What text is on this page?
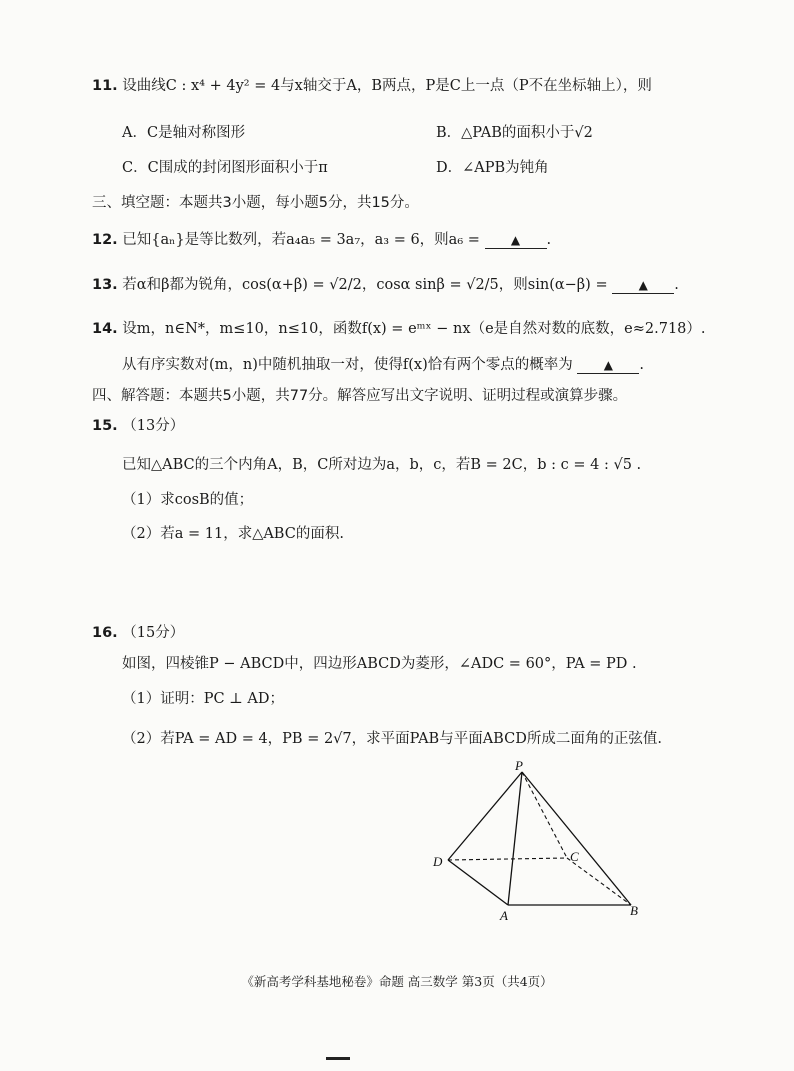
11. 设曲线C : x⁴ + 4y² = 4与x轴交于A，B两点，P是C上一点（P不在坐标轴上），则
A．C是轴对称图形	B．△PAB的面积小于√2
C．C围成的封闭图形面积小于π	D．∠APB为钝角
三、填空题：本题共3小题，每小题5分，共15分。
12. 已知{aₙ}是等比数列，若a₄a₅ = 3a₇，a₃ = 6，则a₆ =	▲ .
13. 若α和β都为锐角，cos(α+β) = √2/2，cosα sinβ = √2/5，则sin(α−β) =	▲ .
14. 设m，n∈N*，m≤10，n≤10，函数f(x) = eᵐˣ − nx（e是自然对数的底数，e≈2.718）.
从有序实数对(m，n)中随机抽取一对，使得f(x)恰有两个零点的概率为	▲ .
四、解答题：本题共5小题，共77分。解答应写出文字说明、证明过程或演算步骤。
15. （13分）
已知△ABC的三个内角A，B，C所对边为a，b，c，若B = 2C，b : c = 4 : √5 .
（1）求cosB的值；
（2）若a = 11，求△ABC的面积.
16. （15分）
如图，四棱锥P − ABCD中，四边形ABCD为菱形，∠ADC = 60°，PA = PD .
（1）证明：PC ⊥ AD；
（2）若PA = AD = 4，PB = 2√7，求平面PAB与平面ABCD所成二面角的正弦值.
P
D	C
A	B
《新高考学科基地秘卷》命题 高三数学 第3页（共4页）
